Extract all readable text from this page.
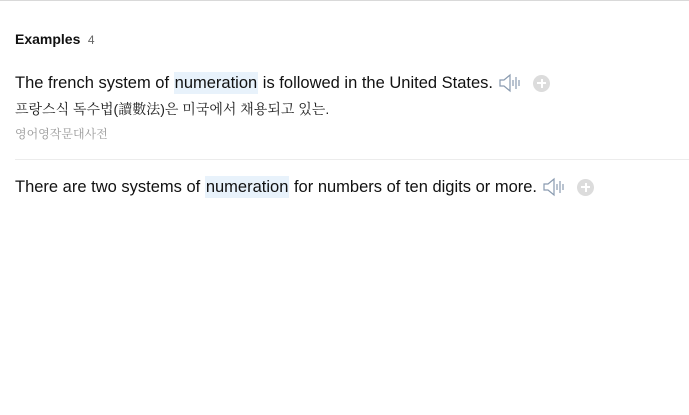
Examples 4
The french system of numeration is followed in the United States.
프랑스식 독수법(讀數法)은 미국에서 채용되고 있는.
영어영작문대사전
There are two systems of numeration for numbers of ten digits or more.
